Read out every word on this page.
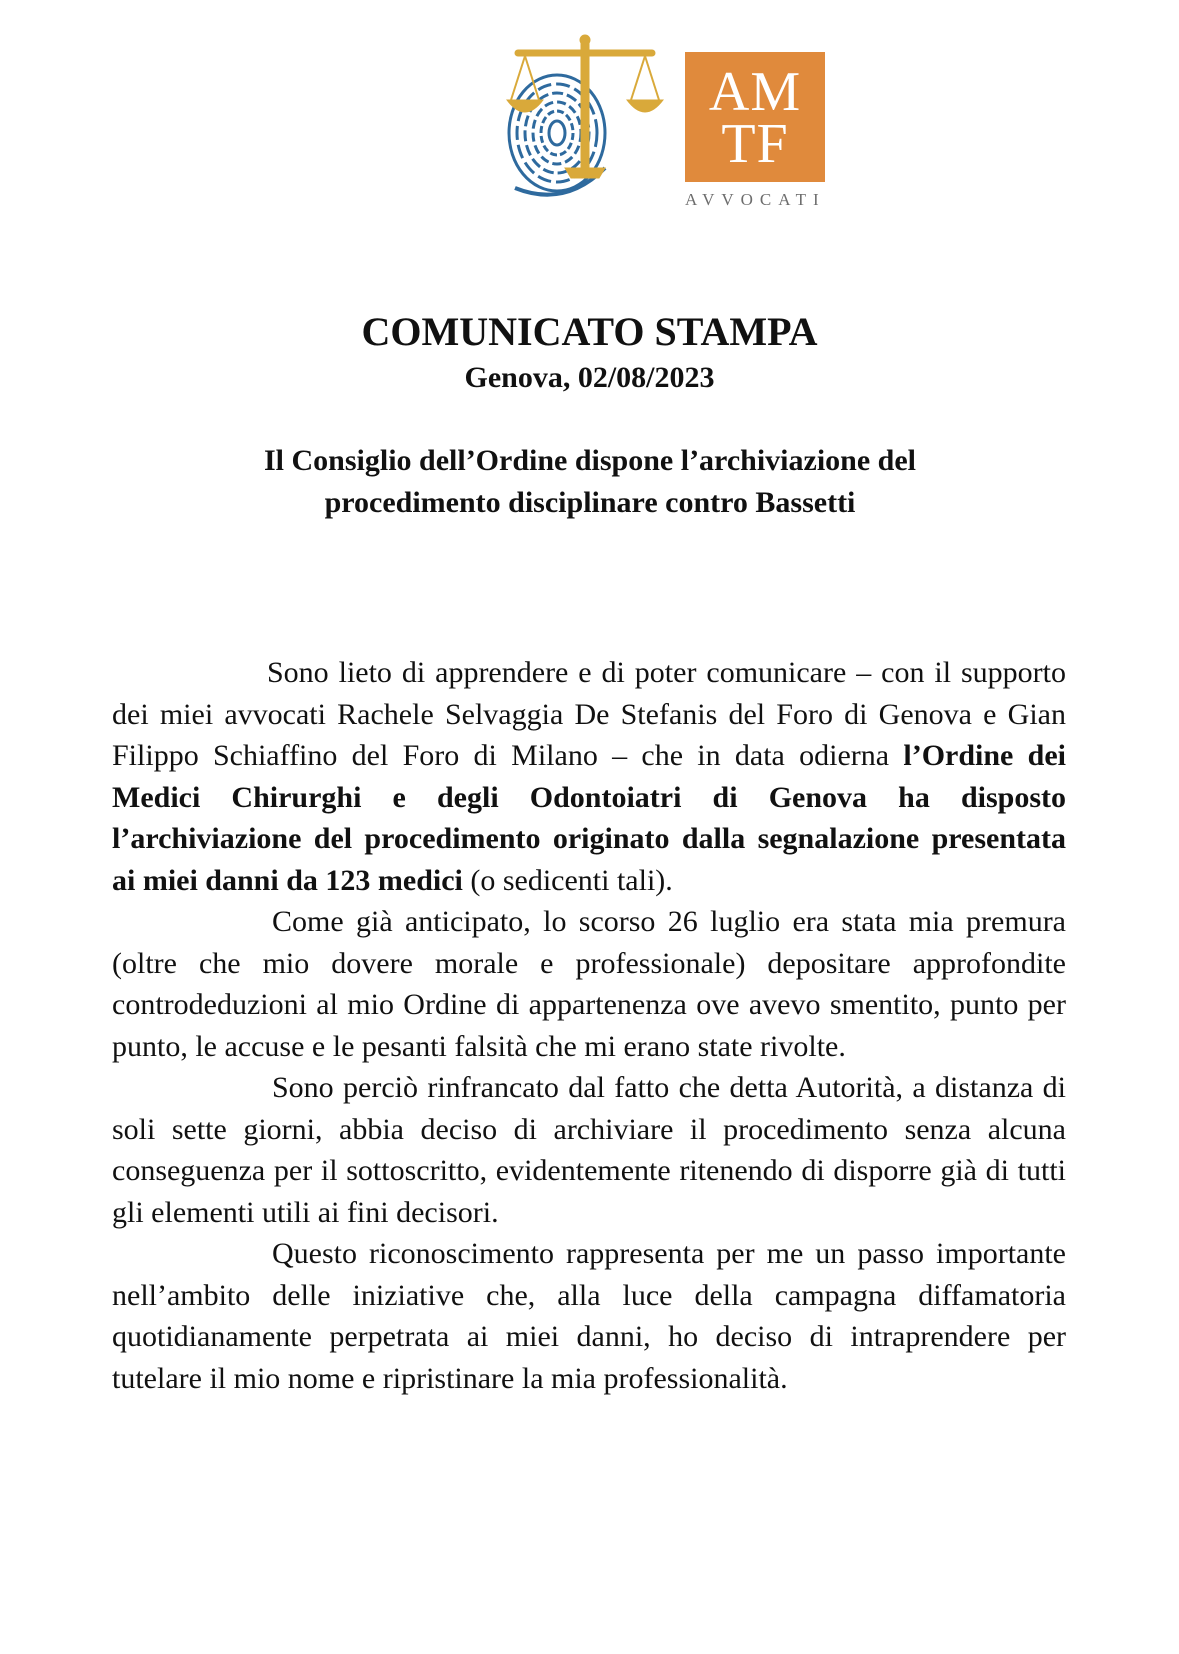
AM
TF
AVVOCATI
COMUNICATO STAMPA
Genova, 02/08/2023
Il Consiglio dell’Ordine dispone l’archiviazione del
procedimento disciplinare contro Bassetti

Sono lieto di apprendere e di poter comunicare – con il supporto dei miei avvocati Rachele Selvaggia De Stefanis del Foro di Genova e Gian Filippo Schiaffino del Foro di Milano – che in data odierna l’Ordine dei Medici Chirurghi e degli Odontoiatri di Genova ha disposto l’archiviazione del procedimento originato dalla segnalazione presentata ai miei danni da 123 medici (o sedicenti tali).

Come già anticipato, lo scorso 26 luglio era stata mia premura (oltre che mio dovere morale e professionale) depositare approfondite controdeduzioni al mio Ordine di appartenenza ove avevo smentito, punto per punto, le accuse e le pesanti falsità che mi erano state rivolte.

Sono perciò rinfrancato dal fatto che detta Autorità, a distanza di soli sette giorni, abbia deciso di archiviare il procedimento senza alcuna conseguenza per il sottoscritto, evidentemente ritenendo di disporre già di tutti gli elementi utili ai fini decisori.

Questo riconoscimento rappresenta per me un passo importante nell’ambito delle iniziative che, alla luce della campagna diffamatoria quotidianamente perpetrata ai miei danni, ho deciso di intraprendere per tutelare il mio nome e ripristinare la mia professionalità.
